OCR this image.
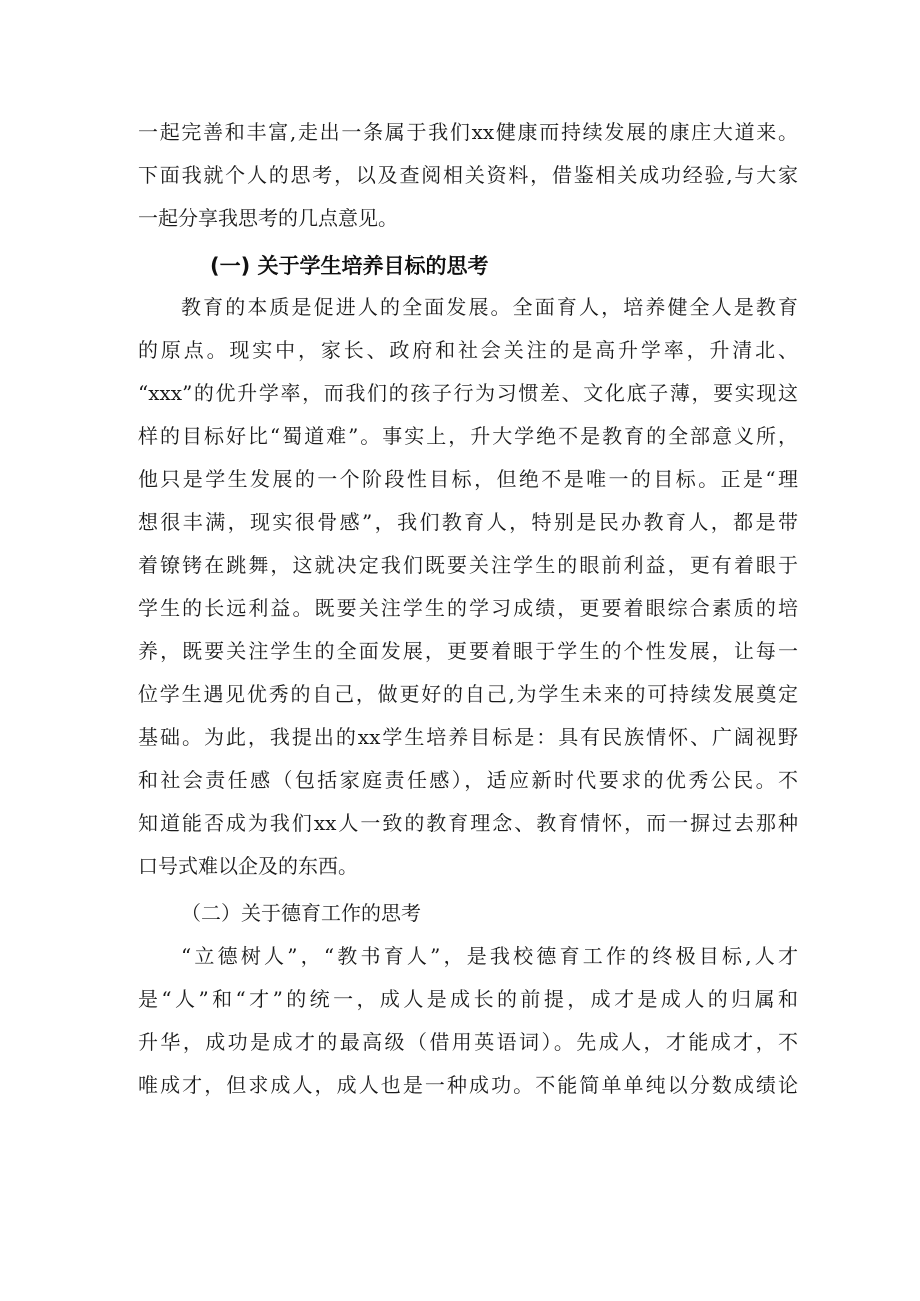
一起完善和丰富,走出一条属于我们xx健康而持续发展的康庄大道来。
下面我就个人的思考，以及查阅相关资料，借鉴相关成功经验,与大家
一起分享我思考的几点意见。
(一) 关于学生培养目标的思考
教育的本质是促进人的全面发展。全面育人，培养健全人是教育
的原点。现实中，家长、政府和社会关注的是高升学率，升清北、
“xxx”的优升学率，而我们的孩子行为习惯差、文化底子薄，要实现这
样的目标好比“蜀道难”。事实上，升大学绝不是教育的全部意义所，
他只是学生发展的一个阶段性目标，但绝不是唯一的目标。正是“理
想很丰满，现实很骨感”，我们教育人，特别是民办教育人，都是带
着镣铐在跳舞，这就决定我们既要关注学生的眼前利益，更有着眼于
学生的长远利益。既要关注学生的学习成绩，更要着眼综合素质的培
养，既要关注学生的全面发展，更要着眼于学生的个性发展，让每一
位学生遇见优秀的自己，做更好的自己,为学生未来的可持续发展奠定
基础。为此，我提出的xx学生培养目标是：具有民族情怀、广阔视野
和社会责任感（包括家庭责任感），适应新时代要求的优秀公民。不
知道能否成为我们xx人一致的教育理念、教育情怀，而一摒过去那种
口号式难以企及的东西。
（二）关于德育工作的思考
“立德树人”，“教书育人”，是我校德育工作的终极目标,人才
是“人”和“才”的统一，成人是成长的前提，成才是成人的归属和
升华，成功是成才的最高级（借用英语词）。先成人，才能成才，不
唯成才，但求成人，成人也是一种成功。不能简单单纯以分数成绩论
